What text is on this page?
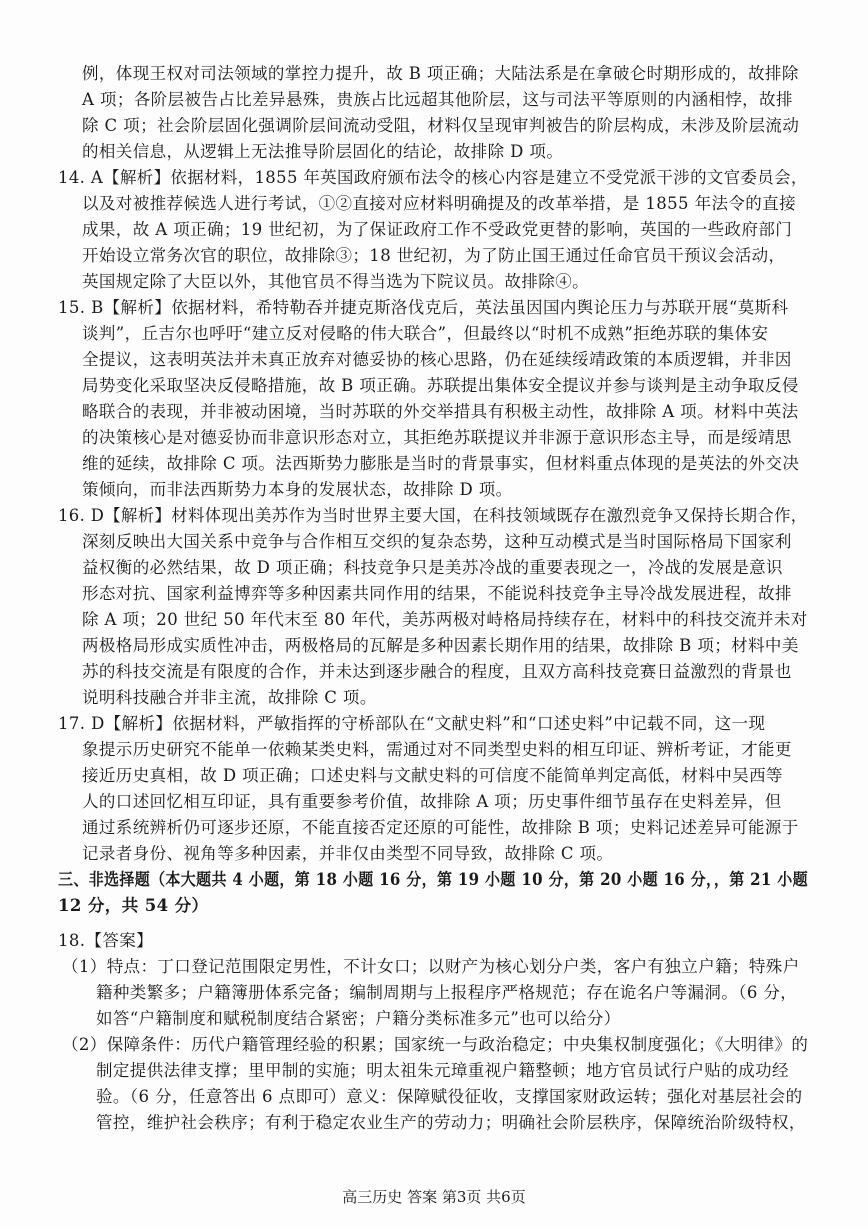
例，体现王权对司法领域的掌控力提升，故 B 项正确；大陆法系是在拿破仑时期形成的，故排除
A 项；各阶层被告占比差异悬殊，贵族占比远超其他阶层，这与司法平等原则的内涵相悖，故排
除 C 项；社会阶层固化强调阶层间流动受阻，材料仅呈现审判被告的阶层构成，未涉及阶层流动
的相关信息，从逻辑上无法推导阶层固化的结论，故排除 D 项。
14. A【解析】依据材料，1855 年英国政府颁布法令的核心内容是建立不受党派干涉的文官委员会，
以及对被推荐候选人进行考试，①②直接对应材料明确提及的改革举措，是 1855 年法令的直接
成果，故 A 项正确；19 世纪初，为了保证政府工作不受政党更替的影响，英国的一些政府部门
开始设立常务次官的职位，故排除③；18 世纪初，为了防止国王通过任命官员干预议会活动，
英国规定除了大臣以外，其他官员不得当选为下院议员。故排除④。
15. B【解析】依据材料，希特勒吞并捷克斯洛伐克后，英法虽因国内舆论压力与苏联开展“莫斯科
谈判”，丘吉尔也呼吁“建立反对侵略的伟大联合”，但最终以“时机不成熟”拒绝苏联的集体安
全提议，这表明英法并未真正放弃对德妥协的核心思路，仍在延续绥靖政策的本质逻辑，并非因
局势变化采取坚决反侵略措施，故 B 项正确。苏联提出集体安全提议并参与谈判是主动争取反侵
略联合的表现，并非被动困境，当时苏联的外交举措具有积极主动性，故排除 A 项。材料中英法
的决策核心是对德妥协而非意识形态对立，其拒绝苏联提议并非源于意识形态主导，而是绥靖思
维的延续，故排除 C 项。法西斯势力膨胀是当时的背景事实，但材料重点体现的是英法的外交决
策倾向，而非法西斯势力本身的发展状态，故排除 D 项。
16. D【解析】材料体现出美苏作为当时世界主要大国，在科技领域既存在激烈竞争又保持长期合作，
深刻反映出大国关系中竞争与合作相互交织的复杂态势，这种互动模式是当时国际格局下国家利
益权衡的必然结果，故 D 项正确；科技竞争只是美苏冷战的重要表现之一，冷战的发展是意识
形态对抗、国家利益博弈等多种因素共同作用的结果，不能说科技竞争主导冷战发展进程，故排
除 A 项；20 世纪 50 年代末至 80 年代，美苏两极对峙格局持续存在，材料中的科技交流并未对
两极格局形成实质性冲击，两极格局的瓦解是多种因素长期作用的结果，故排除 B 项；材料中美
苏的科技交流是有限度的合作，并未达到逐步融合的程度，且双方高科技竞赛日益激烈的背景也
说明科技融合并非主流，故排除 C 项。
17. D【解析】依据材料，严敏指挥的守桥部队在“文献史料”和“口述史料”中记载不同，这一现
象提示历史研究不能单一依赖某类史料，需通过对不同类型史料的相互印证、辨析考证，才能更
接近历史真相，故 D 项正确；口述史料与文献史料的可信度不能简单判定高低，材料中吴西等
人的口述回忆相互印证，具有重要参考价值，故排除 A 项；历史事件细节虽存在史料差异，但
通过系统辨析仍可逐步还原，不能直接否定还原的可能性，故排除 B 项；史料记述差异可能源于
记录者身份、视角等多种因素，并非仅由类型不同导致，故排除 C 项。
三、非选择题（本大题共 4 小题，第 18 小题 16 分，第 19 小题 10 分，第 20 小题 16 分，，第 21 小题
12 分，共 54 分）
18.【答案】
（1）特点：丁口登记范围限定男性，不计女口；以财产为核心划分户类，客户有独立户籍；特殊户
籍种类繁多；户籍簿册体系完备；编制周期与上报程序严格规范；存在诡名户等漏洞。（6 分，
如答“户籍制度和赋税制度结合紧密；户籍分类标准多元”也可以给分）
（2）保障条件：历代户籍管理经验的积累；国家统一与政治稳定；中央集权制度强化；《大明律》的
制定提供法律支撑；里甲制的实施；明太祖朱元璋重视户籍整顿；地方官员试行户贴的成功经
验。（6 分，任意答出 6 点即可）意义：保障赋役征收，支撑国家财政运转；强化对基层社会的
管控，维护社会秩序；有利于稳定农业生产的劳动力；明确社会阶层秩序，保障统治阶级特权，
高三历史 答案 第3页 共6页
